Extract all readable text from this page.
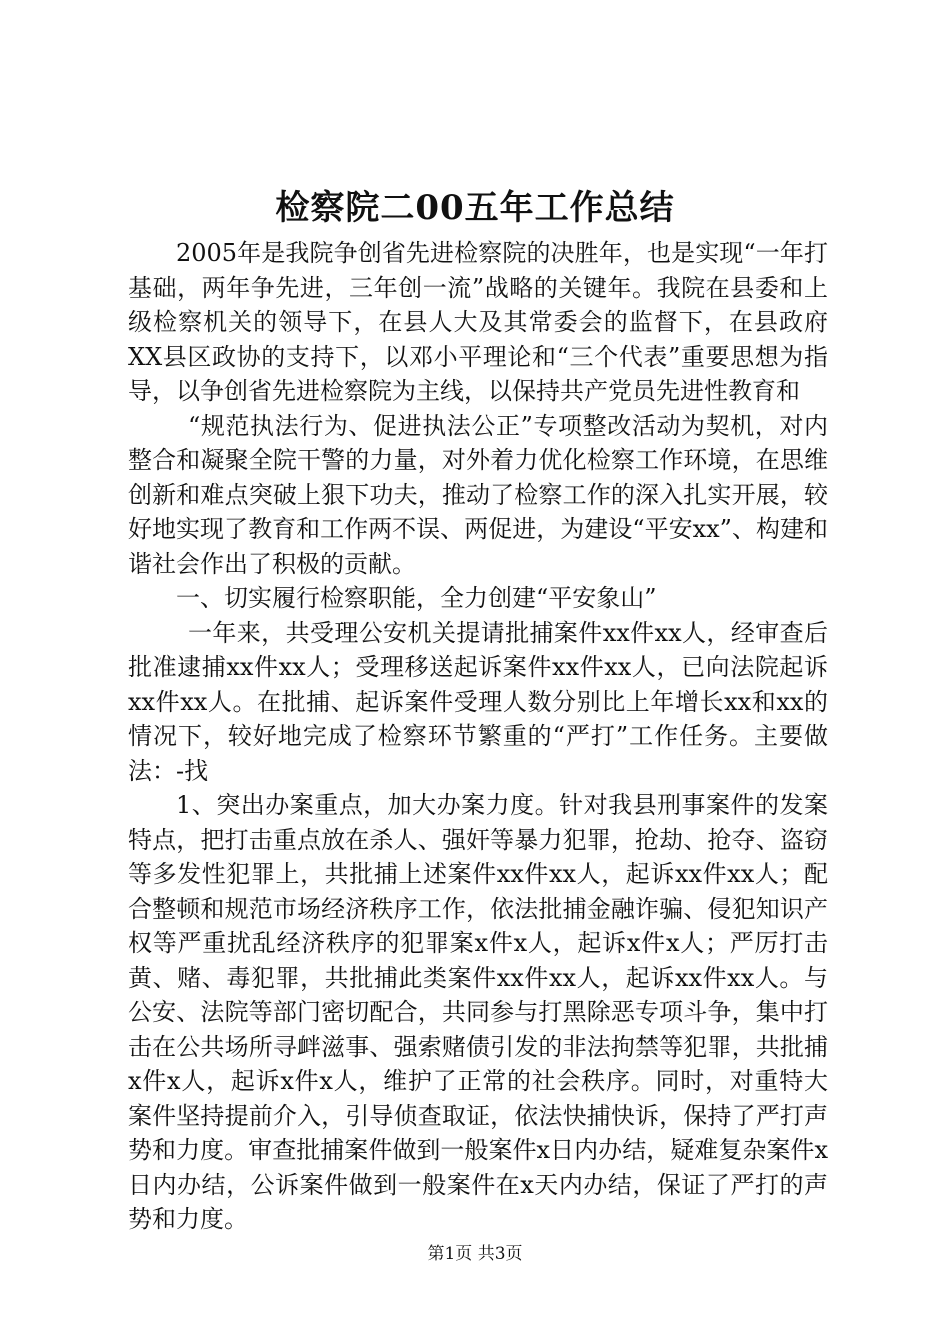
检察院二00五年工作总结

2005年是我院争创省先进检察院的决胜年，也是实现“一年打基础，两年争先进，三年创一流”战略的关键年。我院在县委和上级检察机关的领导下，在县人大及其常委会的监督下，在县政府XX县区政协的支持下，以邓小平理论和“三个代表”重要思想为指导，以争创省先进检察院为主线，以保持共产党员先进性教育和

“规范执法行为、促进执法公正”专项整改活动为契机，对内整合和凝聚全院干警的力量，对外着力优化检察工作环境，在思维创新和难点突破上狠下功夫，推动了检察工作的深入扎实开展，较好地实现了教育和工作两不误、两促进，为建设“平安xx”、构建和谐社会作出了积极的贡献。

一、切实履行检察职能，全力创建“平安象山”

一年来，共受理公安机关提请批捕案件xx件xx人，经审查后批准逮捕xx件xx人；受理移送起诉案件xx件xx人，已向法院起诉xx件xx人。在批捕、起诉案件受理人数分别比上年增长xx和xx的情况下，较好地完成了检察环节繁重的“严打”工作任务。主要做法：-找

1、突出办案重点，加大办案力度。针对我县刑事案件的发案特点，把打击重点放在杀人、强奸等暴力犯罪，抢劫、抢夺、盗窃等多发性犯罪上，共批捕上述案件xx件xx人，起诉xx件xx人；配合整顿和规范市场经济秩序工作，依法批捕金融诈骗、侵犯知识产权等严重扰乱经济秩序的犯罪案x件x人，起诉x件x人；严厉打击黄、赌、毒犯罪，共批捕此类案件xx件xx人，起诉xx件xx人。与公安、法院等部门密切配合，共同参与打黑除恶专项斗争，集中打击在公共场所寻衅滋事、强索赌债引发的非法拘禁等犯罪，共批捕x件x人，起诉x件x人，维护了正常的社会秩序。同时，对重特大案件坚持提前介入，引导侦查取证，依法快捕快诉，保持了严打声势和力度。审查批捕案件做到一般案件x日内办结，疑难复杂案件x日内办结，公诉案件做到一般案件在x天内办结，保证了严打的声势和力度。

第1页 共3页
